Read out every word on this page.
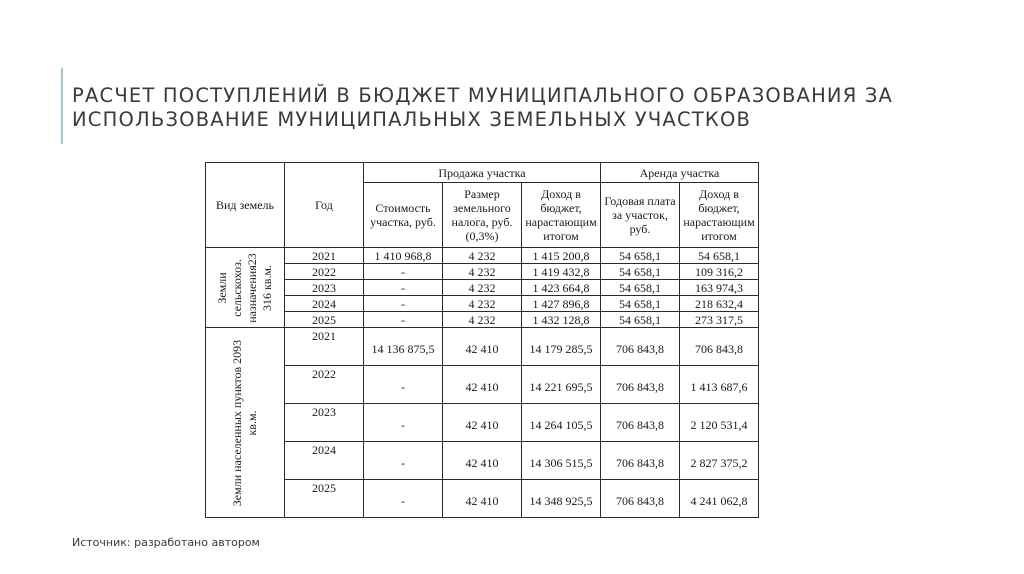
РАСЧЕТ ПОСТУПЛЕНИЙ В БЮДЖЕТ МУНИЦИПАЛЬНОГО ОБРАЗОВАНИЯ ЗА
ИСПОЛЬЗОВАНИЕ МУНИЦИПАЛЬНЫХ ЗЕМЕЛЬНЫХ УЧАСТКОВ
Вид земель	Год	Продажа участка			Аренда участка	
		Стоимость участка, руб.	Размер земельного налога, руб. (0,3%)	Доход в бюджет, нарастающим итогом	Годовая плата за участок, руб.	Доход в бюджет, нарастающим итогом

Земли сельскохоз. назначения23 316 кв.м.	2021	1 410 968,8	4 232	1 415 200,8	54 658,1	54 658,1
	2022	-	4 232	1 419 432,8	54 658,1	109 316,2
	2023	-	4 232	1 423 664,8	54 658,1	163 974,3
	2024	-	4 232	1 427 896,8	54 658,1	218 632,4
	2025	-	4 232	1 432 128,8	54 658,1	273 317,5

Земли населенных пунктов 2093 кв.м.	2021	14 136 875,5	42 410	14 179 285,5	706 843,8	706 843,8
	2022	-	42 410	14 221 695,5	706 843,8	1 413 687,6
	2023	-	42 410	14 264 105,5	706 843,8	2 120 531,4
	2024	-	42 410	14 306 515,5	706 843,8	2 827 375,2
	2025	-	42 410	14 348 925,5	706 843,8	4 241 062,8
Источник: разработано автором
